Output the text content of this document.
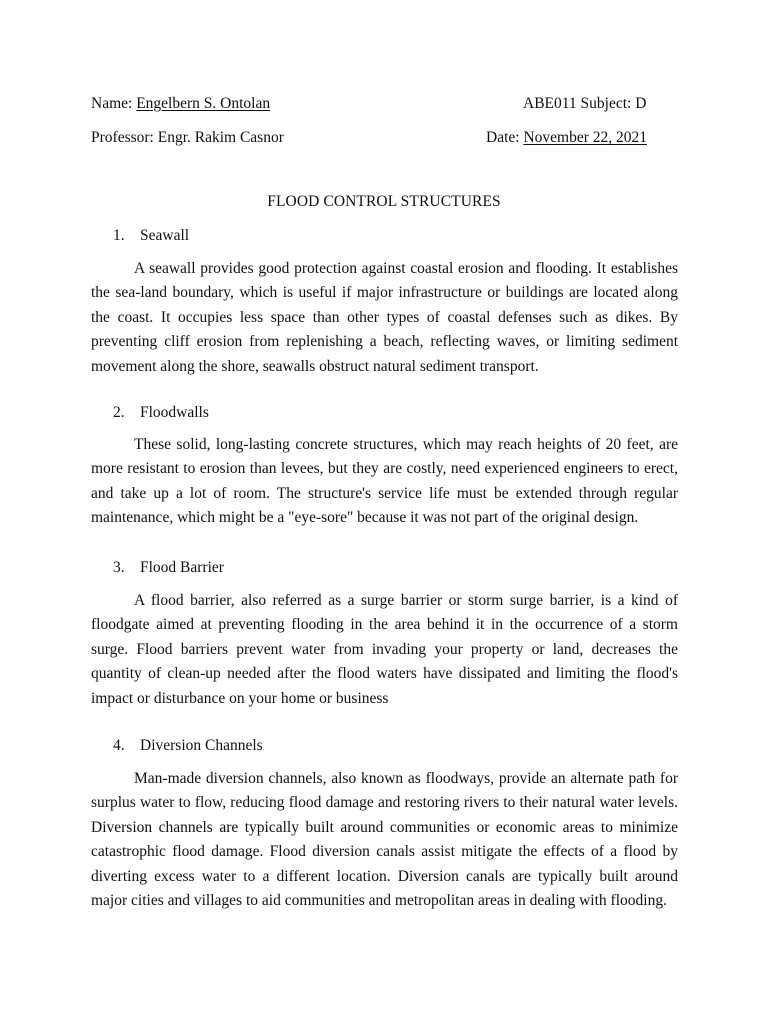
Name: Engelbern S. Ontolan	ABE011 Subject: D
Professor: Engr. Rakim Casnor	Date: November 22, 2021
FLOOD CONTROL STRUCTURES
1. Seawall

A seawall provides good protection against coastal erosion and flooding. It establishes the sea-land boundary, which is useful if major infrastructure or buildings are located along the coast. It occupies less space than other types of coastal defenses such as dikes. By preventing cliff erosion from replenishing a beach, reflecting waves, or limiting sediment movement along the shore, seawalls obstruct natural sediment transport.

2. Floodwalls

These solid, long-lasting concrete structures, which may reach heights of 20 feet, are more resistant to erosion than levees, but they are costly, need experienced engineers to erect, and take up a lot of room. The structure's service life must be extended through regular maintenance, which might be a "eye-sore" because it was not part of the original design.

3. Flood Barrier

A flood barrier, also referred as a surge barrier or storm surge barrier, is a kind of floodgate aimed at preventing flooding in the area behind it in the occurrence of a storm surge. Flood barriers prevent water from invading your property or land, decreases the quantity of clean-up needed after the flood waters have dissipated and limiting the flood's impact or disturbance on your home or business

4. Diversion Channels

Man-made diversion channels, also known as floodways, provide an alternate path for surplus water to flow, reducing flood damage and restoring rivers to their natural water levels. Diversion channels are typically built around communities or economic areas to minimize catastrophic flood damage. Flood diversion canals assist mitigate the effects of a flood by diverting excess water to a different location. Diversion canals are typically built around major cities and villages to aid communities and metropolitan areas in dealing with flooding.
